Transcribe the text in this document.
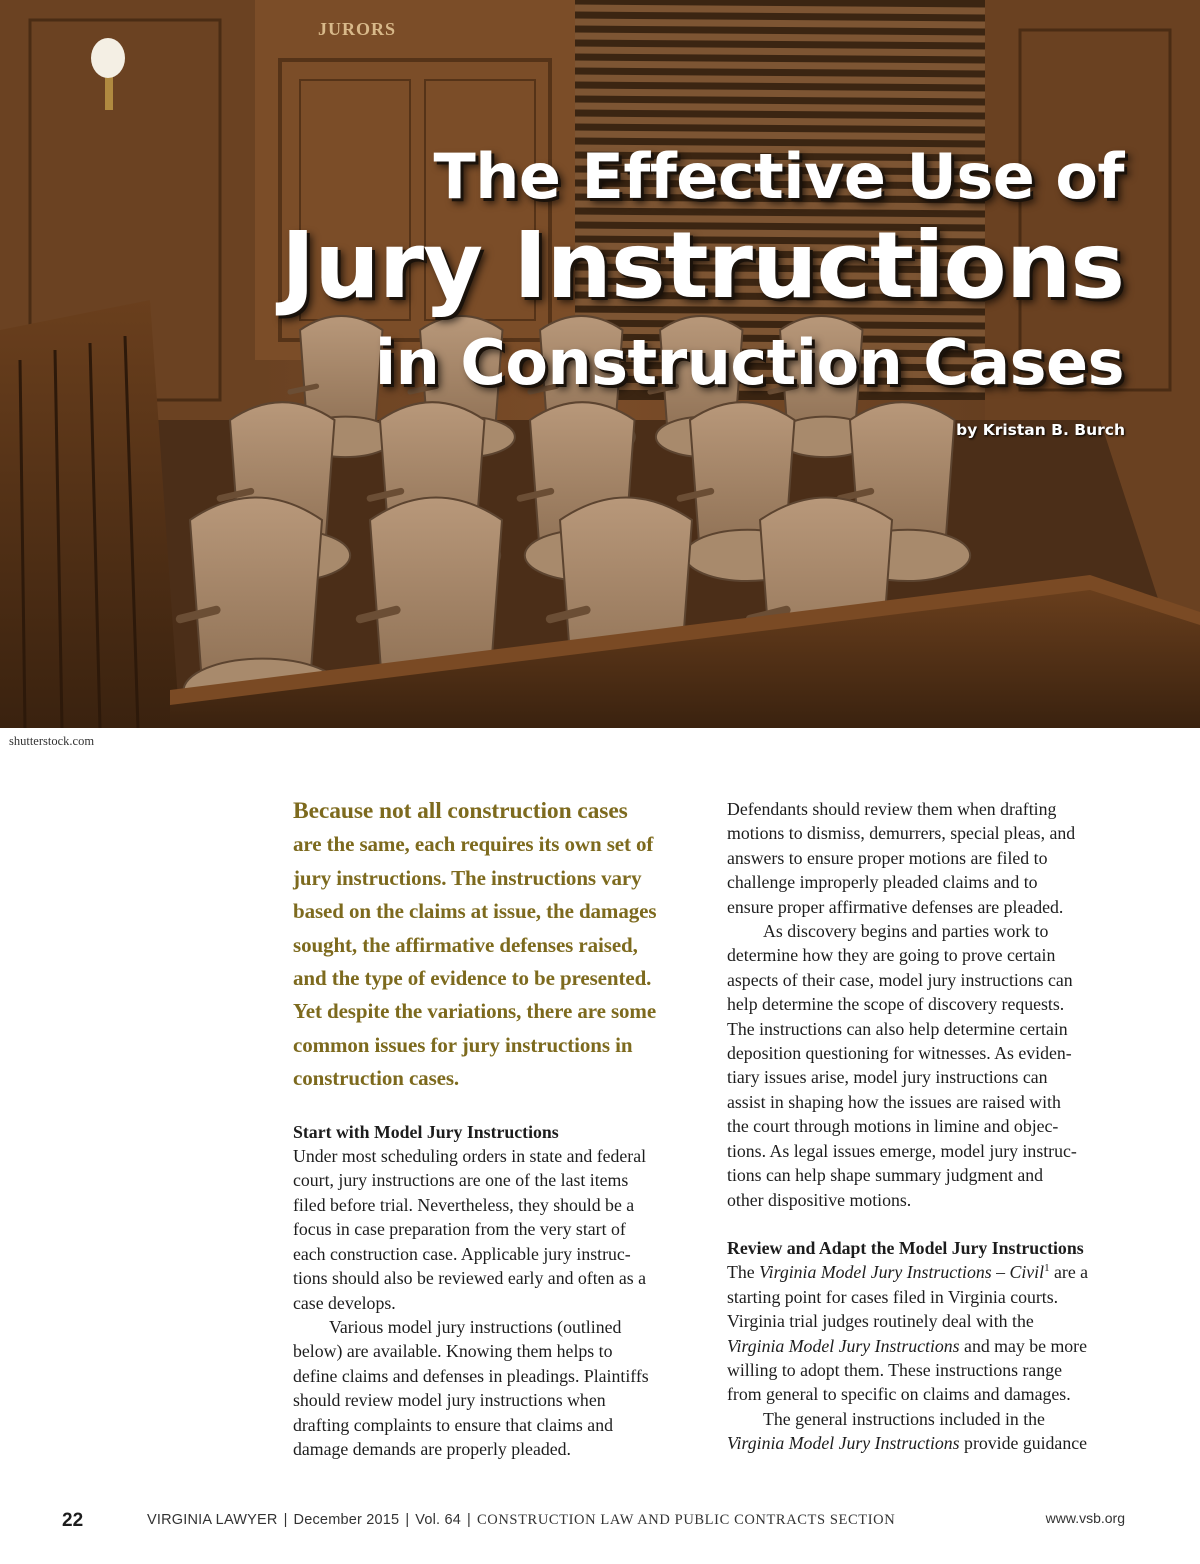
JURORS
The Effective Use of
Jury Instructions
in Construction Cases
by Kristan B. Burch
shutterstock.com
Because not all construction cases
are the same, each requires its own set of
jury instructions. The instructions vary
based on the claims at issue, the damages
sought, the affirmative defenses raised,
and the type of evidence to be presented.
Yet despite the variations, there are some
common issues for jury instructions in
construction cases.
Start with Model Jury Instructions
Under most scheduling orders in state and federal
court, jury instructions are one of the last items
filed before trial. Nevertheless, they should be a
focus in case preparation from the very start of
each construction case. Applicable jury instruc-
tions should also be reviewed early and often as a
case develops.
Various model jury instructions (outlined
below) are available. Knowing them helps to
define claims and defenses in pleadings. Plaintiffs
should review model jury instructions when
drafting complaints to ensure that claims and
damage demands are properly pleaded.
Defendants should review them when drafting
motions to dismiss, demurrers, special pleas, and
answers to ensure proper motions are filed to
challenge improperly pleaded claims and to
ensure proper affirmative defenses are pleaded.
As discovery begins and parties work to
determine how they are going to prove certain
aspects of their case, model jury instructions can
help determine the scope of discovery requests.
The instructions can also help determine certain
deposition questioning for witnesses. As eviden-
tiary issues arise, model jury instructions can
assist in shaping how the issues are raised with
the court through motions in limine and objec-
tions. As legal issues emerge, model jury instruc-
tions can help shape summary judgment and
other dispositive motions.
Review and Adapt the Model Jury Instructions
The Virginia Model Jury Instructions – Civil$^1$ are a
starting point for cases filed in Virginia courts.
Virginia trial judges routinely deal with the
Virginia Model Jury Instructions and may be more
willing to adopt them. These instructions range
from general to specific on claims and damages.
The general instructions included in the
Virginia Model Jury Instructions provide guidance
22	VIRGINIA LAWYER | December 2015 | Vol. 64 | CONSTRUCTION LAW AND PUBLIC CONTRACTS SECTION	www.vsb.org
